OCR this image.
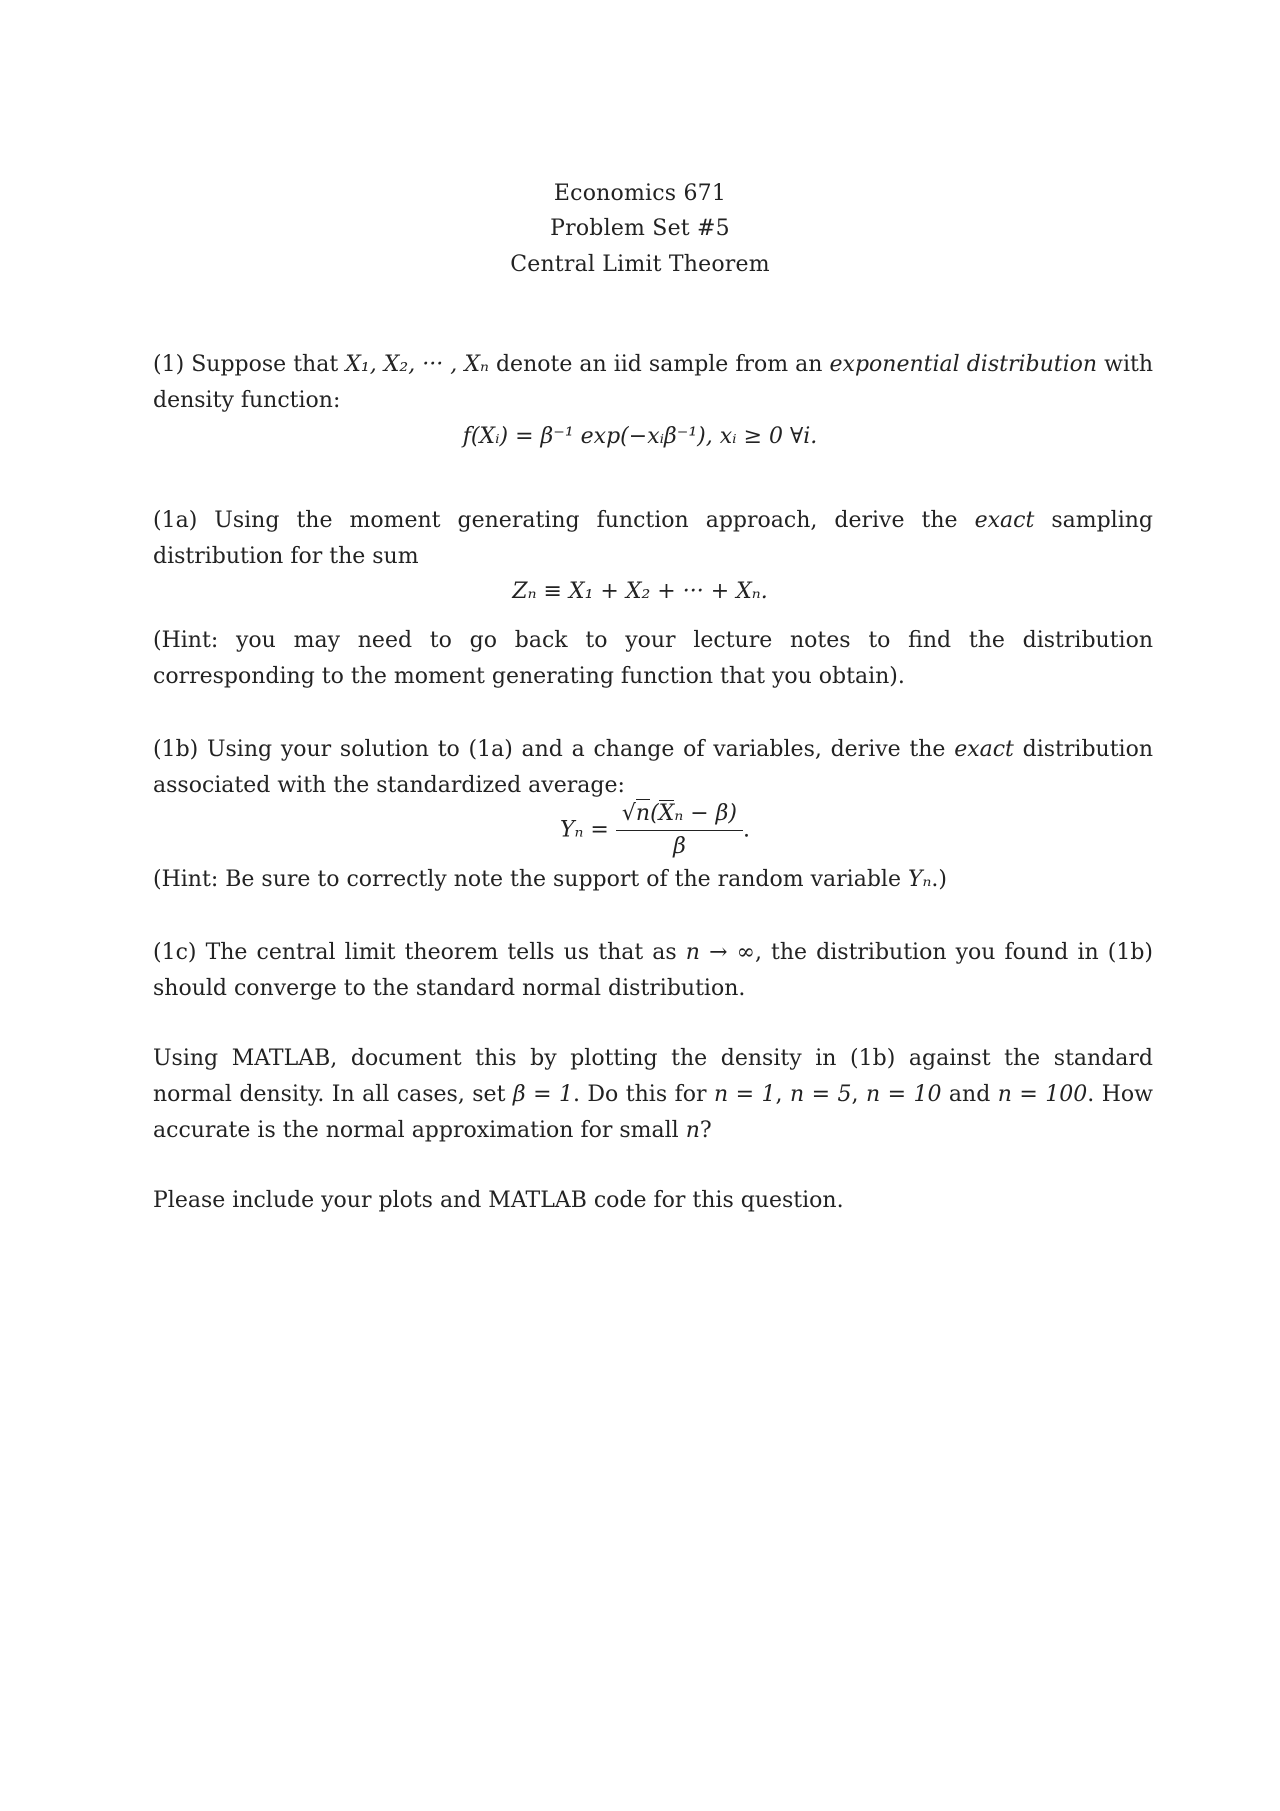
Economics 671
Problem Set #5
Central Limit Theorem
(1) Suppose that X₁, X₂, ··· , Xₙ denote an iid sample from an exponential distribution with density function:
f(Xᵢ) = β⁻¹ exp(−xᵢβ⁻¹), xᵢ ≥ 0 ∀i.
(1a) Using the moment generating function approach, derive the exact sampling distribution for the sum
Zₙ ≡ X₁ + X₂ + ··· + Xₙ.
(Hint: you may need to go back to your lecture notes to find the distribution corresponding to the moment generating function that you obtain).
(1b) Using your solution to (1a) and a change of variables, derive the exact distribution associated with the standardized average:
$Y_n = \frac{\text{√n(Xₙ − β)}}{\beta}$ .
(Hint: Be sure to correctly note the support of the random variable Yₙ.)
(1c) The central limit theorem tells us that as n → ∞, the distribution you found in (1b) should converge to the standard normal distribution.
Using MATLAB, document this by plotting the density in (1b) against the standard normal density. In all cases, set β = 1. Do this for n = 1, n = 5, n = 10 and n = 100. How accurate is the normal approximation for small n?
Please include your plots and MATLAB code for this question.
